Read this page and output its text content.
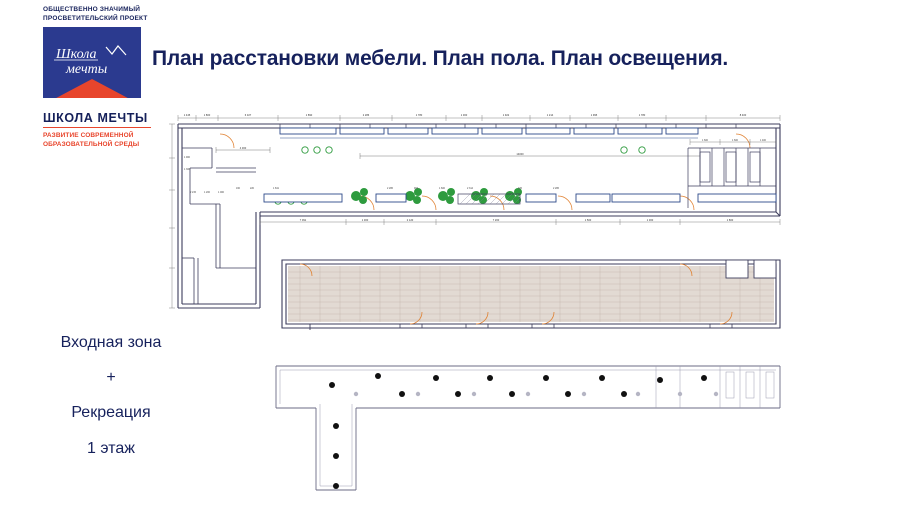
ОБЩЕСТВЕННО ЗНАЧИМЫЙ
ПРОСВЕТИТЕЛЬСКИЙ ПРОЕКТ
Школа
мечты
ШКОЛА МЕЧТЫ
РАЗВИТИЕ СОВРЕМЕННОЙ
ОБРАЗОВАТЕЛЬНОЙ СРЕДЫ
План расстановки мебели. План пола. План освещения.
Входная зона
+
Рекреация
1 этаж
14000
4 300
1 600	1 600	1 400
1 445	1 800	6 327	1 890	2 286	1 780	1 300	1 922	1 214	1 995	1 780	8 400
1 900
1 300
2 215	1 200	1 000
160	220	1 841	2 286	903	1 600	2 314	326	2 286
7 091	1 300	2 120	7 200	1 500	1 300	1 800
